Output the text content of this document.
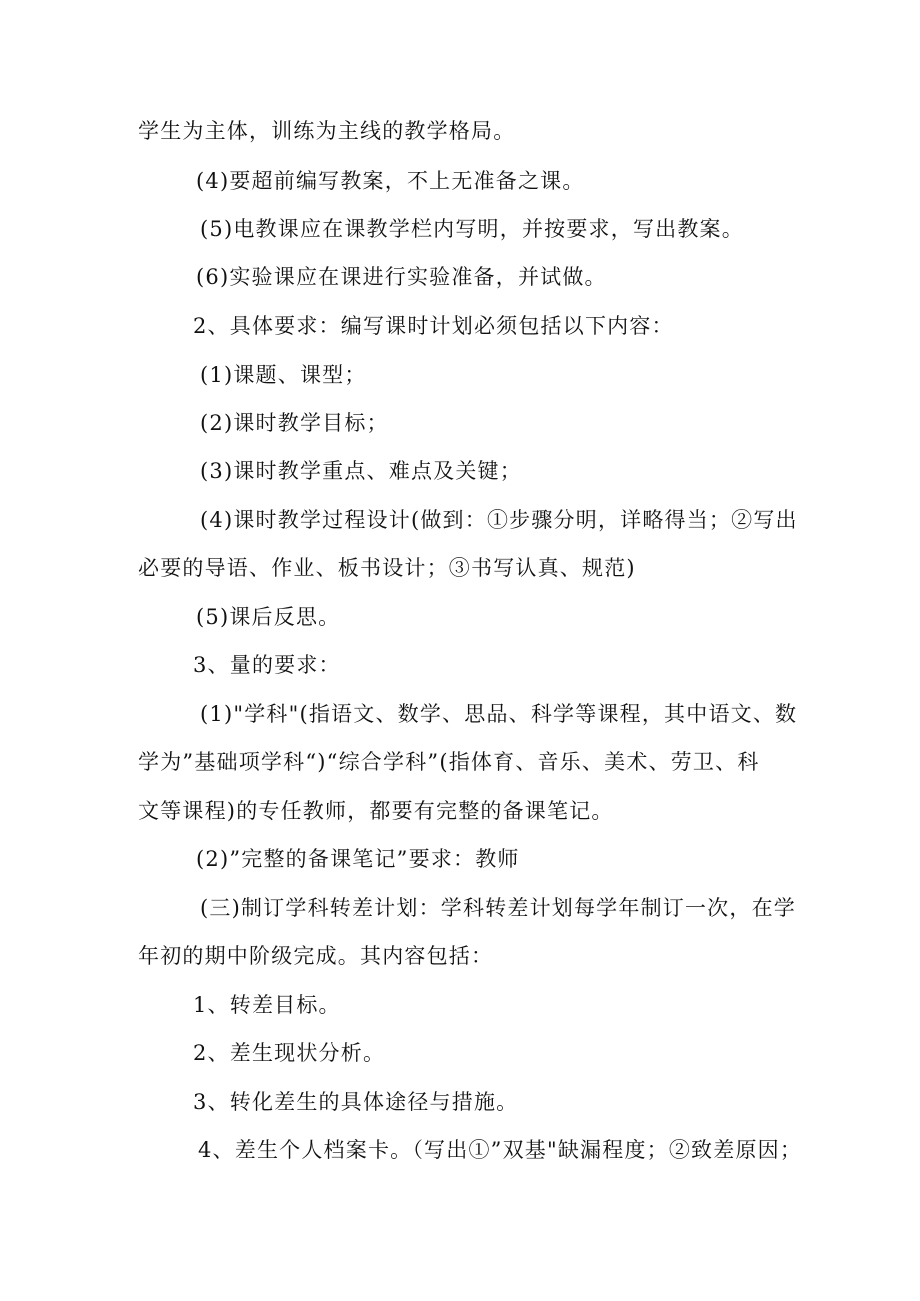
学生为主体，训练为主线的教学格局。
(4)要超前编写教案，不上无准备之课。
(5)电教课应在课教学栏内写明，并按要求，写出教案。
(6)实验课应在课进行实验准备，并试做。
2、具体要求：编写课时计划必须包括以下内容：
(1)课题、课型；
(2)课时教学目标；
(3)课时教学重点、难点及关键；
(4)课时教学过程设计(做到：①步骤分明，详略得当；②写出
必要的导语、作业、板书设计；③书写认真、规范)
(5)课后反思。
3、量的要求：
(1)"学科"(指语文、数学、思品、科学等课程，其中语文、数
学为”基础项学科“)“综合学科”(指体育、音乐、美术、劳卫、科
文等课程)的专任教师，都要有完整的备课笔记。
(2)”完整的备课笔记”要求：教师
(三)制订学科转差计划：学科转差计划每学年制订一次，在学
年初的期中阶级完成。其内容包括：
1、转差目标。
2、差生现状分析。
3、转化差生的具体途径与措施。
4、差生个人档案卡。（写出①”双基"缺漏程度；②致差原因；
